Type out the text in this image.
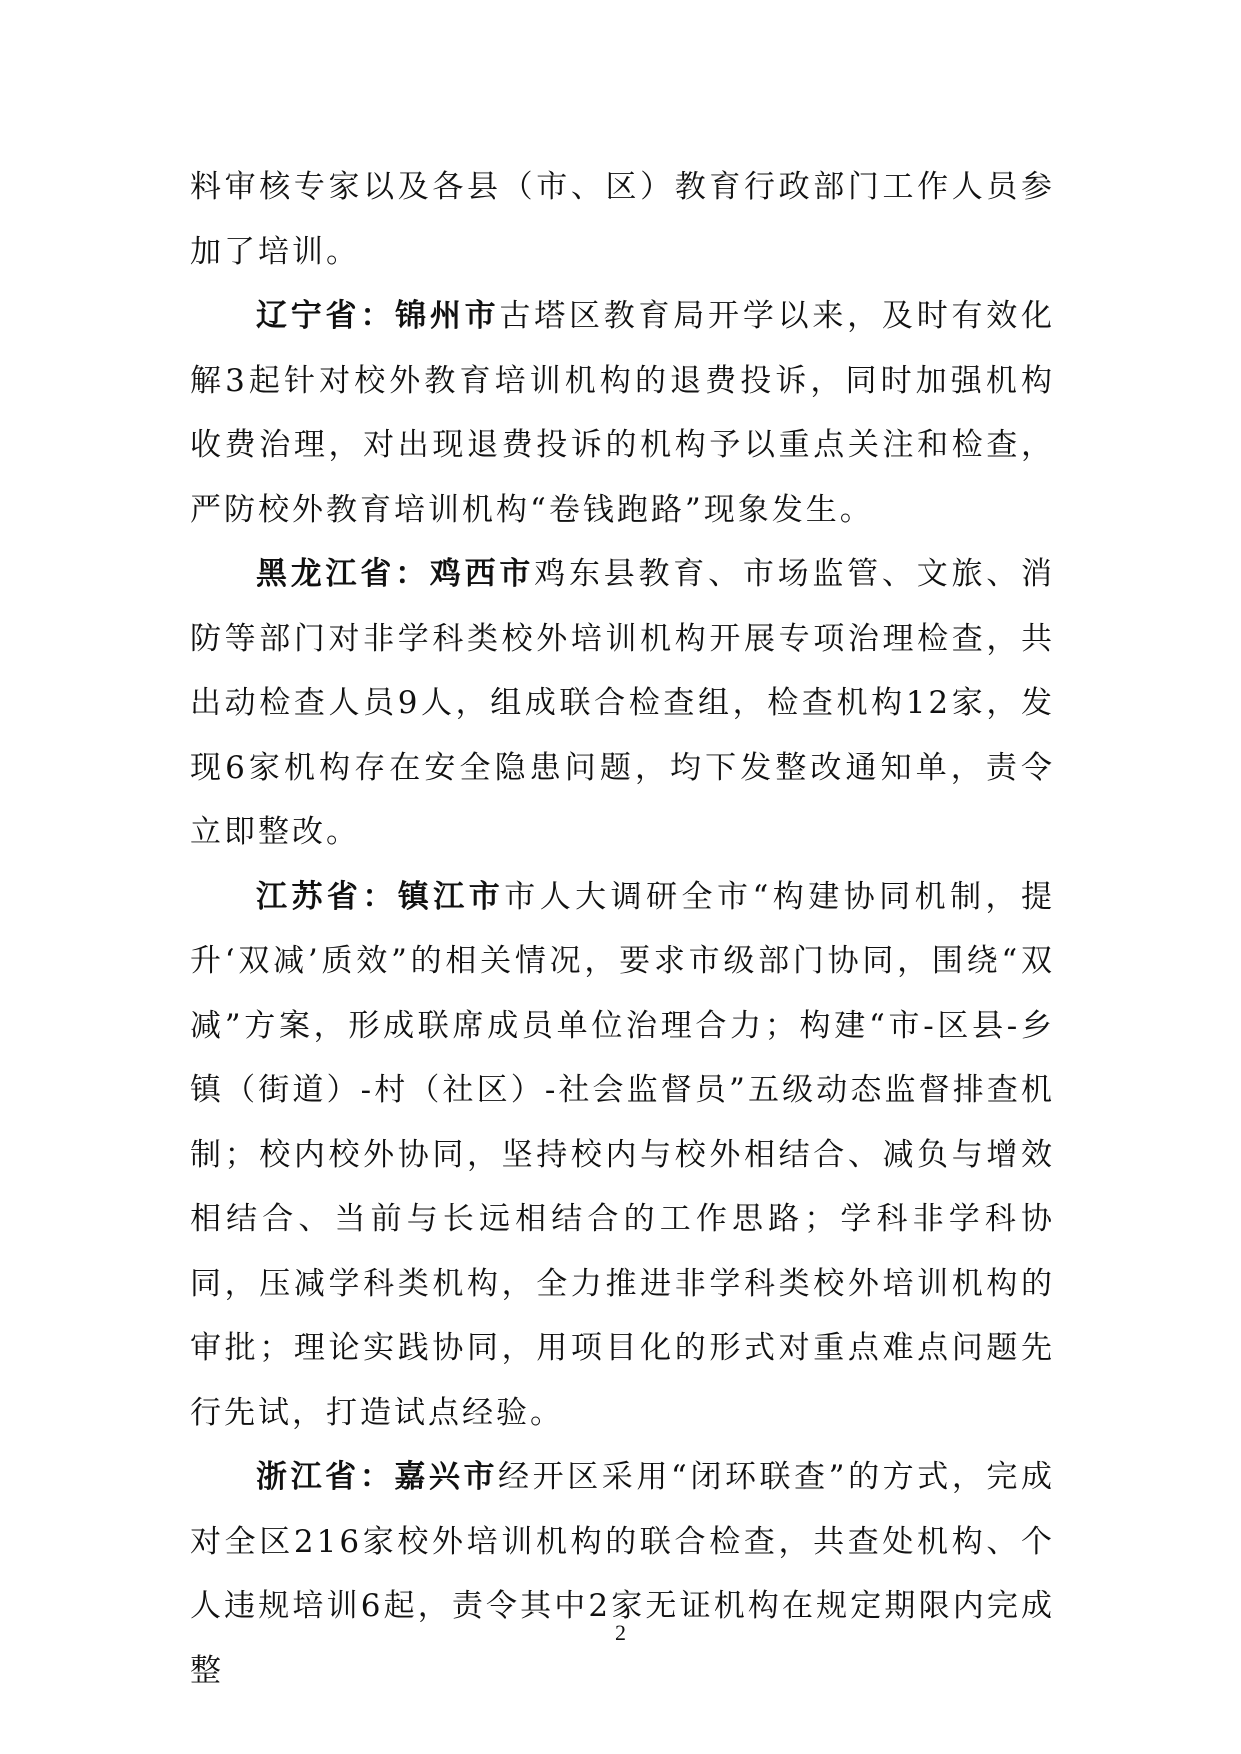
料审核专家以及各县（市、区）教育行政部门工作人员参加了培训。

辽宁省：锦州市古塔区教育局开学以来，及时有效化解3起针对校外教育培训机构的退费投诉，同时加强机构收费治理，对出现退费投诉的机构予以重点关注和检查，严防校外教育培训机构“卷钱跑路”现象发生。

黑龙江省：鸡西市鸡东县教育、市场监管、文旅、消防等部门对非学科类校外培训机构开展专项治理检查，共出动检查人员9人，组成联合检查组，检查机构12家，发现6家机构存在安全隐患问题，均下发整改通知单，责令立即整改。

江苏省：镇江市市人大调研全市“构建协同机制，提升‘双减’质效”的相关情况，要求市级部门协同，围绕“双减”方案，形成联席成员单位治理合力；构建“市-区县-乡镇（街道）-村（社区）-社会监督员”五级动态监督排查机制；校内校外协同，坚持校内与校外相结合、减负与增效相结合、当前与长远相结合的工作思路；学科非学科协同，压减学科类机构，全力推进非学科类校外培训机构的审批；理论实践协同，用项目化的形式对重点难点问题先行先试，打造试点经验。

浙江省：嘉兴市经开区采用“闭环联查”的方式，完成对全区216家校外培训机构的联合检查，共查处机构、个人违规培训6起，责令其中2家无证机构在规定期限内完成整

2
